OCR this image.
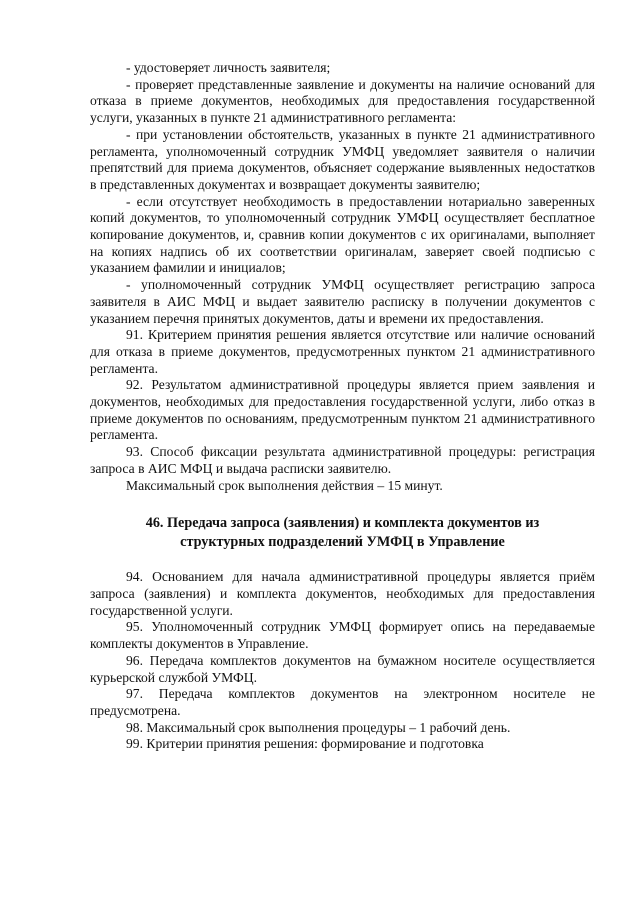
- удостоверяет личность заявителя;

- проверяет представленные заявление и документы на наличие оснований для отказа в приеме документов, необходимых для предоставления государственной услуги, указанных в пункте 21 административного регламента:

- при установлении обстоятельств, указанных в пункте 21 административного регламента, уполномоченный сотрудник УМФЦ уведомляет заявителя о наличии препятствий для приема документов, объясняет содержание выявленных недостатков в представленных документах и возвращает документы заявителю;

- если отсутствует необходимость в предоставлении нотариально заверенных копий документов, то уполномоченный сотрудник УМФЦ осуществляет бесплатное копирование документов, и, сравнив копии документов с их оригиналами, выполняет на копиях надпись об их соответствии оригиналам, заверяет своей подписью с указанием фамилии и инициалов;

- уполномоченный сотрудник УМФЦ осуществляет регистрацию запроса заявителя в АИС МФЦ и выдает заявителю расписку в получении документов с указанием перечня принятых документов, даты и времени их предоставления.

91. Критерием принятия решения является отсутствие или наличие оснований для отказа в приеме документов, предусмотренных пунктом 21 административного регламента.

92. Результатом административной процедуры является прием заявления и документов, необходимых для предоставления государственной услуги, либо отказ в приеме документов по основаниям, предусмотренным пунктом 21 административного регламента.

93. Способ фиксации результата административной процедуры: регистрация запроса в АИС МФЦ и выдача расписки заявителю.

Максимальный срок выполнения действия – 15 минут.

46. Передача запроса (заявления) и комплекта документов из структурных подразделений УМФЦ в Управление

94. Основанием для начала административной процедуры является приём запроса (заявления) и комплекта документов, необходимых для предоставления государственной услуги.

95. Уполномоченный сотрудник УМФЦ формирует опись на передаваемые комплекты документов в Управление.

96. Передача комплектов документов на бумажном носителе осуществляется курьерской службой УМФЦ.

97. Передача комплектов документов на электронном носителе не предусмотрена.

98. Максимальный срок выполнения процедуры – 1 рабочий день.

99. Критерии принятия решения: формирование и подготовка
